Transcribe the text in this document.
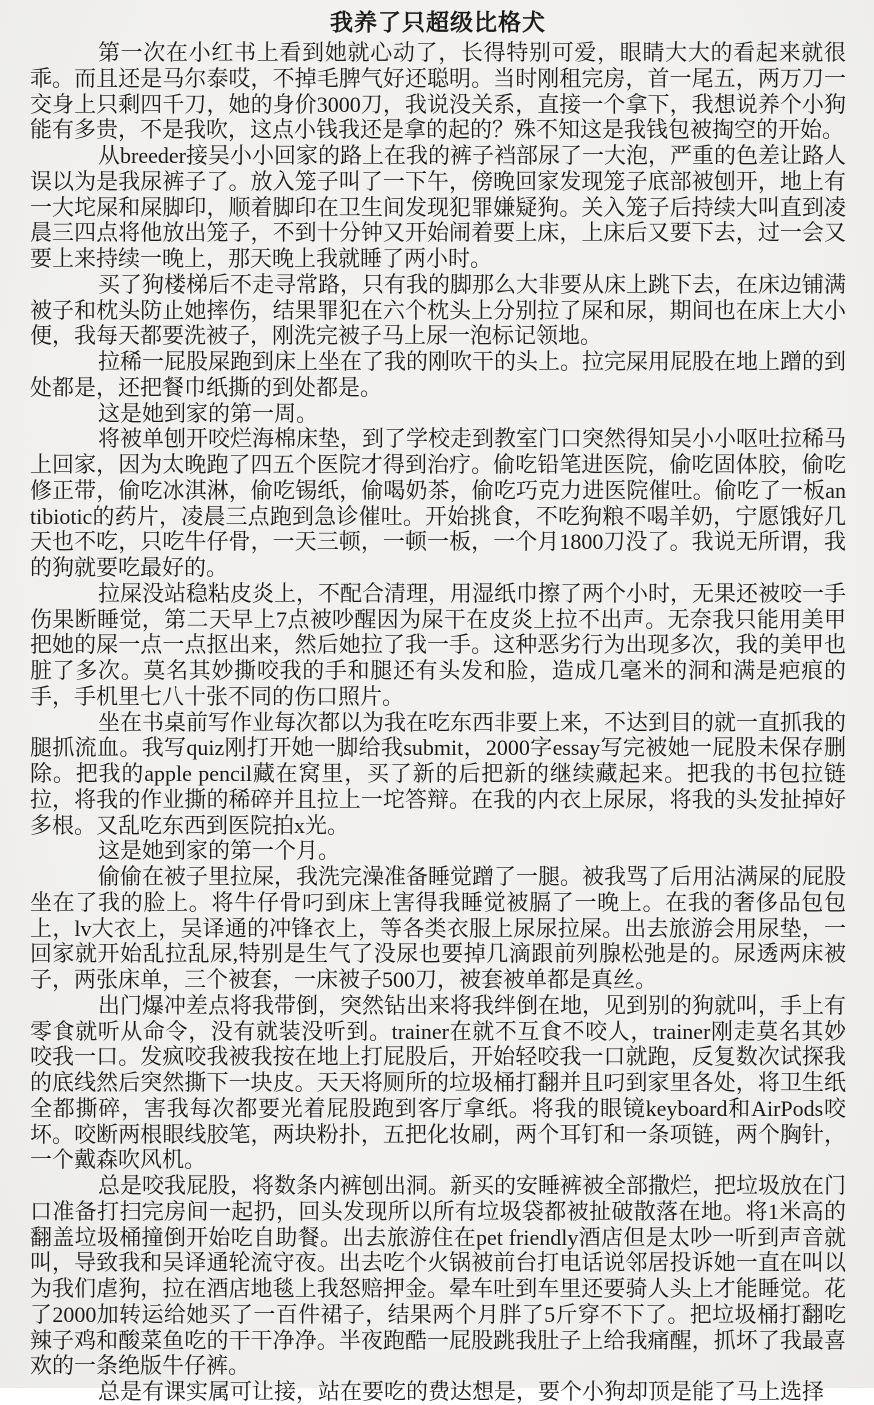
我养了只超级比格犬

第一次在小红书上看到她就心动了，长得特别可爱，眼睛大大的看起来就很乖。而且还是马尔泰哎，不掉毛脾气好还聪明。当时刚租完房，首一尾五，两万刀一交身上只剩四千刀，她的身价3000刀，我说没关系，直接一个拿下，我想说养个小狗能有多贵，不是我吹，这点小钱我还是拿的起的？殊不知这是我钱包被掏空的开始。

从breeder接吴小小回家的路上在我的裤子裆部尿了一大泡，严重的色差让路人误以为是我尿裤子了。放入笼子叫了一下午，傍晚回家发现笼子底部被刨开，地上有一大坨屎和屎脚印，顺着脚印在卫生间发现犯罪嫌疑狗。关入笼子后持续大叫直到凌晨三四点将他放出笼子，不到十分钟又开始闹着要上床，上床后又要下去，过一会又要上来持续一晚上，那天晚上我就睡了两小时。

买了狗楼梯后不走寻常路，只有我的脚那么大非要从床上跳下去，在床边铺满被子和枕头防止她摔伤，结果罪犯在六个枕头上分别拉了屎和尿，期间也在床上大小便，我每天都要洗被子，刚洗完被子马上尿一泡标记领地。

拉稀一屁股屎跑到床上坐在了我的刚吹干的头上。拉完屎用屁股在地上蹭的到处都是，还把餐巾纸撕的到处都是。

这是她到家的第一周。

将被单刨开咬烂海棉床垫，到了学校走到教室门口突然得知吴小小呕吐拉稀马上回家，因为太晚跑了四五个医院才得到治疗。偷吃铅笔进医院，偷吃固体胶，偷吃修正带，偷吃冰淇淋，偷吃锡纸，偷喝奶茶，偷吃巧克力进医院催吐。偷吃了一板antibiotic的药片，凌晨三点跑到急诊催吐。开始挑食，不吃狗粮不喝羊奶，宁愿饿好几天也不吃，只吃牛仔骨，一天三顿，一顿一板，一个月1800刀没了。我说无所谓，我的狗就要吃最好的。

拉屎没站稳粘皮炎上，不配合清理，用湿纸巾擦了两个小时，无果还被咬一手伤果断睡觉，第二天早上7点被吵醒因为屎干在皮炎上拉不出声。无奈我只能用美甲把她的屎一点一点抠出来，然后她拉了我一手。这种恶劣行为出现多次，我的美甲也脏了多次。莫名其妙撕咬我的手和腿还有头发和脸，造成几毫米的洞和满是疤痕的手，手机里七八十张不同的伤口照片。

坐在书桌前写作业每次都以为我在吃东西非要上来，不达到目的就一直抓我的腿抓流血。我写quiz刚打开她一脚给我submit，2000字essay写完被她一屁股未保存删除。把我的apple pencil藏在窝里，买了新的后把新的继续藏起来。把我的书包拉链拉，将我的作业撕的稀碎并且拉上一坨答辩。在我的内衣上尿尿，将我的头发扯掉好多根。又乱吃东西到医院拍x光。

这是她到家的第一个月。

偷偷在被子里拉屎，我洗完澡准备睡觉蹭了一腿。被我骂了后用沾满屎的屁股坐在了我的脸上。将牛仔骨叼到床上害得我睡觉被膈了一晚上。在我的奢侈品包包上，lv大衣上，吴译通的冲锋衣上，等各类衣服上尿尿拉屎。出去旅游会用尿垫，一回家就开始乱拉乱尿,特别是生气了没尿也要掉几滴跟前列腺松弛是的。尿透两床被子，两张床单，三个被套，一床被子500刀，被套被单都是真丝。

出门爆冲差点将我带倒，突然钻出来将我绊倒在地，见到别的狗就叫，手上有零食就听从命令，没有就装没听到。trainer在就不互食不咬人，trainer刚走莫名其妙咬我一口。发疯咬我被我按在地上打屁股后，开始轻咬我一口就跑，反复数次试探我的底线然后突然撕下一块皮。天天将厕所的垃圾桶打翻并且叼到家里各处，将卫生纸全都撕碎，害我每次都要光着屁股跑到客厅拿纸。将我的眼镜keyboard和AirPods咬坏。咬断两根眼线胶笔，两块粉扑，五把化妆刷，两个耳钉和一条项链，两个胸针，一个戴森吹风机。

总是咬我屁股，将数条内裤刨出洞。新买的安睡裤被全部撒烂，把垃圾放在门口准备打扫完房间一起扔，回头发现所以所有垃圾袋都被扯破散落在地。将1米高的翻盖垃圾桶撞倒开始吃自助餐。出去旅游住在pet friendly酒店但是太吵一听到声音就叫，导致我和吴译通轮流守夜。出去吃个火锅被前台打电话说邻居投诉她一直在叫以为我们虐狗，拉在酒店地毯上我怒赔押金。晕车吐到车里还要骑人头上才能睡觉。花了2000加转运给她买了一百件裙子，结果两个月胖了5斤穿不下了。把垃圾桶打翻吃辣子鸡和酸菜鱼吃的干干净净。半夜跑酷一屁股跳我肚子上给我痛醒，抓坏了我最喜欢的一条绝版牛仔裤。

总是有课实属可让接，站在要吃的费达想是，要个小狗却顶是能了马上选择
